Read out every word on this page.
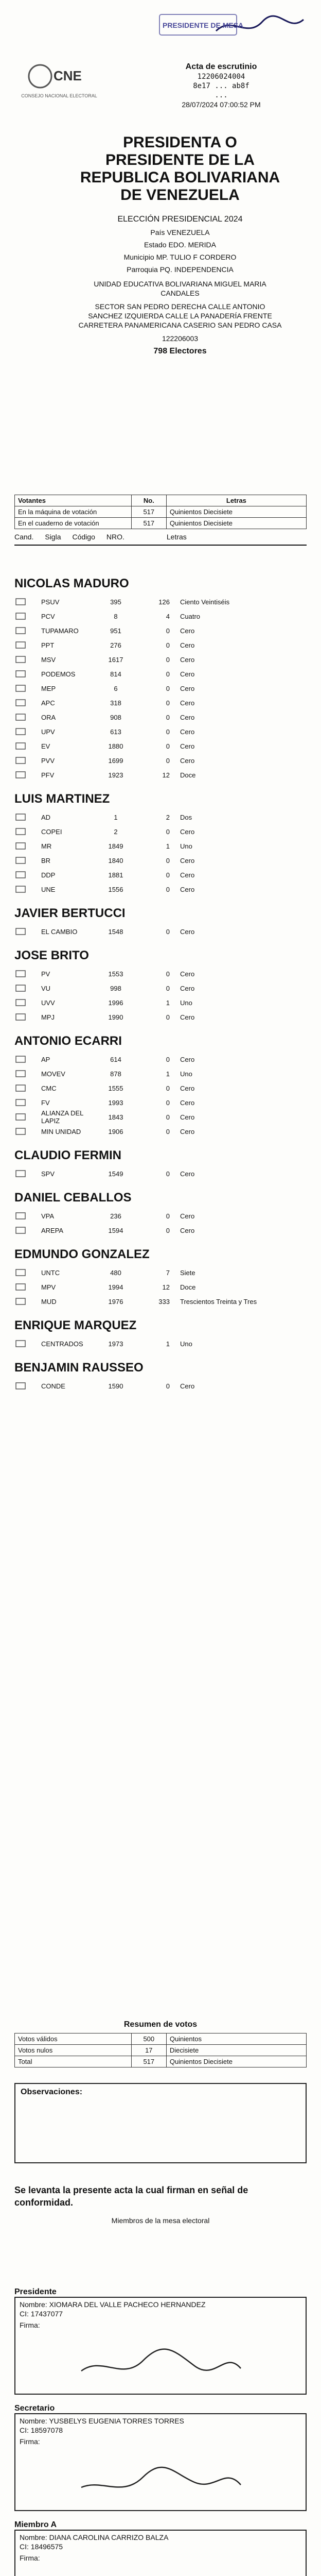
PRESIDENTE DE MESA
CNE
CONSEJO NACIONAL ELECTORAL
Acta de escrutinio
12206024004
8e17 ... ab8f
...
28/07/2024 07:00:52 PM
PRESIDENTA O PRESIDENTE DE LA REPUBLICA BOLIVARIANA DE VENEZUELA
ELECCIÓN PRESIDENCIAL 2024
País VENEZUELA
Estado EDO. MERIDA
Municipio MP. TULIO F CORDERO
Parroquia PQ. INDEPENDENCIA
UNIDAD EDUCATIVA BOLIVARIANA MIGUEL MARIA CANDALES
SECTOR SAN PEDRO DERECHA CALLE ANTONIO SANCHEZ IZQUIERDA CALLE LA PANADERÍA FRENTE CARRETERA PANAMERICANA CASERIO SAN PEDRO CASA
122206003
798 Electores
Votantes	No.	Letras
En la máquina de votación	517	Quinientos Diecisiete
En el cuaderno de votación	517	Quinientos Diecisiete
Cand. Sigla Código NRO.	Letras
NICOLAS MADURO
PSUV	395	126	Ciento Veintiséis
PCV	8	4	Cuatro
TUPAMARO	951	0	Cero
PPT	276	0	Cero
MSV	1617	0	Cero
PODEMOS	814	0	Cero
MEP	6	0	Cero
APC	318	0	Cero
ORA	908	0	Cero
UPV	613	0	Cero
EV	1880	0	Cero
PVV	1699	0	Cero
PFV	1923	12	Doce
LUIS MARTINEZ
AD	1	2	Dos
COPEI	2	0	Cero
MR	1849	1	Uno
BR	1840	0	Cero
DDP	1881	0	Cero
UNE	1556	0	Cero
JAVIER BERTUCCI
EL CAMBIO	1548	0	Cero
JOSE BRITO
PV	1553	0	Cero
VU	998	0	Cero
UVV	1996	1	Uno
MPJ	1990	0	Cero
ANTONIO ECARRI
AP	614	0	Cero
MOVEV	878	1	Uno
CMC	1555	0	Cero
FV	1993	0	Cero
ALIANZA DEL LAPIZ	1843	0	Cero
MIN UNIDAD	1906	0	Cero
CLAUDIO FERMIN
SPV	1549	0	Cero
DANIEL CEBALLOS
VPA	236	0	Cero
AREPA	1594	0	Cero
EDMUNDO GONZALEZ
UNTC	480	7	Siete
MPV	1994	12	Doce
MUD	1976	333	Trescientos Treinta y Tres
ENRIQUE MARQUEZ
CENTRADOS	1973	1	Uno
BENJAMIN RAUSSEO
CONDE	1590	0	Cero
Resumen de votos
Votos válidos	500	Quinientos
Votos nulos	17	Diecisiete
Total	517	Quinientos Diecisiete
Observaciones:
Se levanta la presente acta la cual firman en señal de conformidad.
Miembros de la mesa electoral
Presidente
Nombre: XIOMARA DEL VALLE PACHECO HERNANDEZ
CI: 17437077
Firma:
Secretario
Nombre: YUSBELYS EUGENIA TORRES TORRES
CI: 18597078
Firma:
Miembro A
Nombre: DIANA CAROLINA CARRIZO BALZA
CI: 18496575
Firma:
